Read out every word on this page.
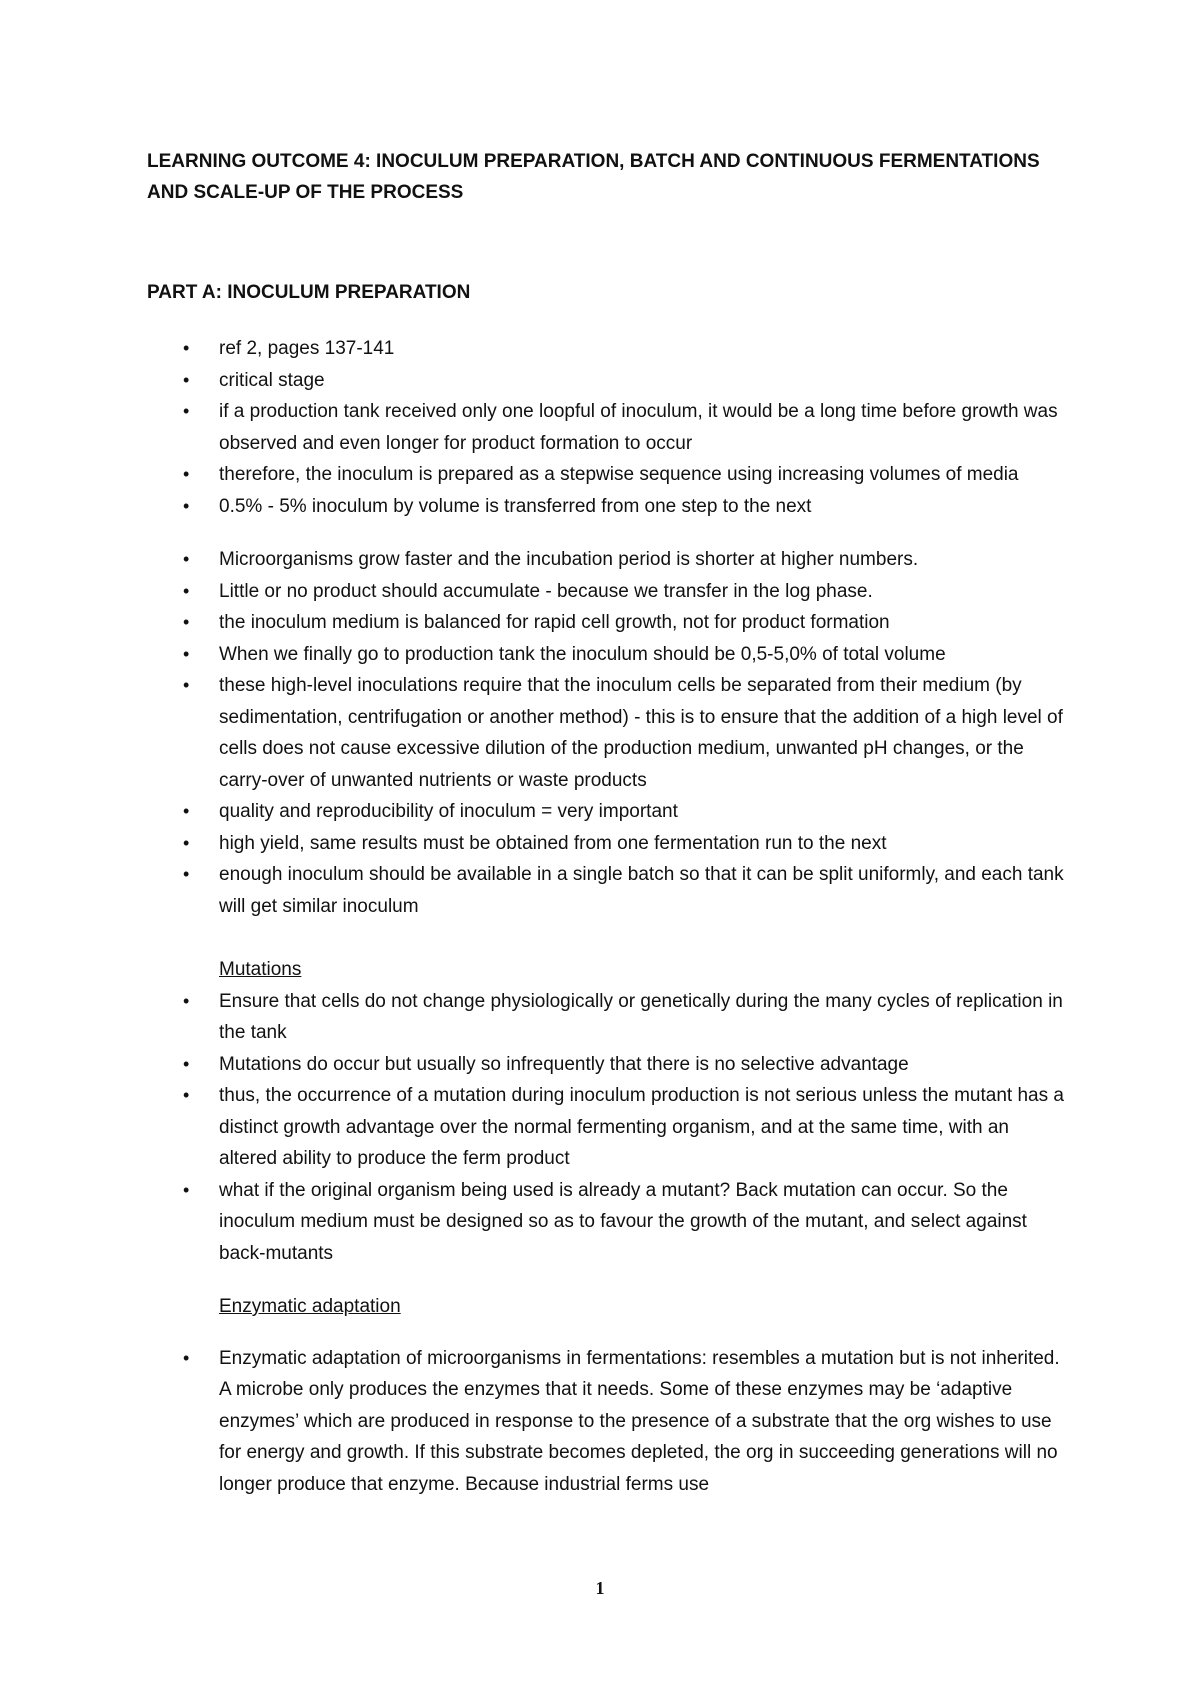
LEARNING OUTCOME 4: INOCULUM PREPARATION, BATCH AND CONTINUOUS FERMENTATIONS AND SCALE-UP OF THE PROCESS
PART A: INOCULUM PREPARATION
• ref 2, pages 137-141
• critical stage
• if a production tank received only one loopful of inoculum, it would be a long time before growth was observed and even longer for product formation to occur
• therefore, the inoculum is prepared as a stepwise sequence using increasing volumes of media
• 0.5% - 5% inoculum by volume is transferred from one step to the next
• Microorganisms grow faster and the incubation period is shorter at higher numbers.
• Little or no product should accumulate - because we transfer in the log phase.
• the inoculum medium is balanced for rapid cell growth, not for product formation
• When we finally go to production tank the inoculum should be 0,5-5,0% of total volume
• these high-level inoculations require that the inoculum cells be separated from their medium (by sedimentation, centrifugation or another method) - this is to ensure that the addition of a high level of cells does not cause excessive dilution of the production medium, unwanted pH changes, or the carry-over of unwanted nutrients or waste products
• quality and reproducibility of inoculum = very important
• high yield, same results must be obtained from one fermentation run to the next
• enough inoculum should be available in a single batch so that it can be split uniformly, and each tank will get similar inoculum

Mutations

• Ensure that cells do not change physiologically or genetically during the many cycles of replication in the tank
• Mutations do occur but usually so infrequently that there is no selective advantage
• thus, the occurrence of a mutation during inoculum production is not serious unless the mutant has a distinct growth advantage over the normal fermenting organism, and at the same time, with an altered ability to produce the ferm product
• what if the original organism being used is already a mutant? Back mutation can occur. So the inoculum medium must be designed so as to favour the growth of the mutant, and select against back-mutants

Enzymatic adaptation

• Enzymatic adaptation of microorganisms in fermentations: resembles a mutation but is not inherited. A microbe only produces the enzymes that it needs. Some of these enzymes may be ‘adaptive enzymes’ which are produced in response to the presence of a substrate that the org wishes to use for energy and growth. If this substrate becomes depleted, the org in succeeding generations will no longer produce that enzyme. Because industrial ferms use
1
